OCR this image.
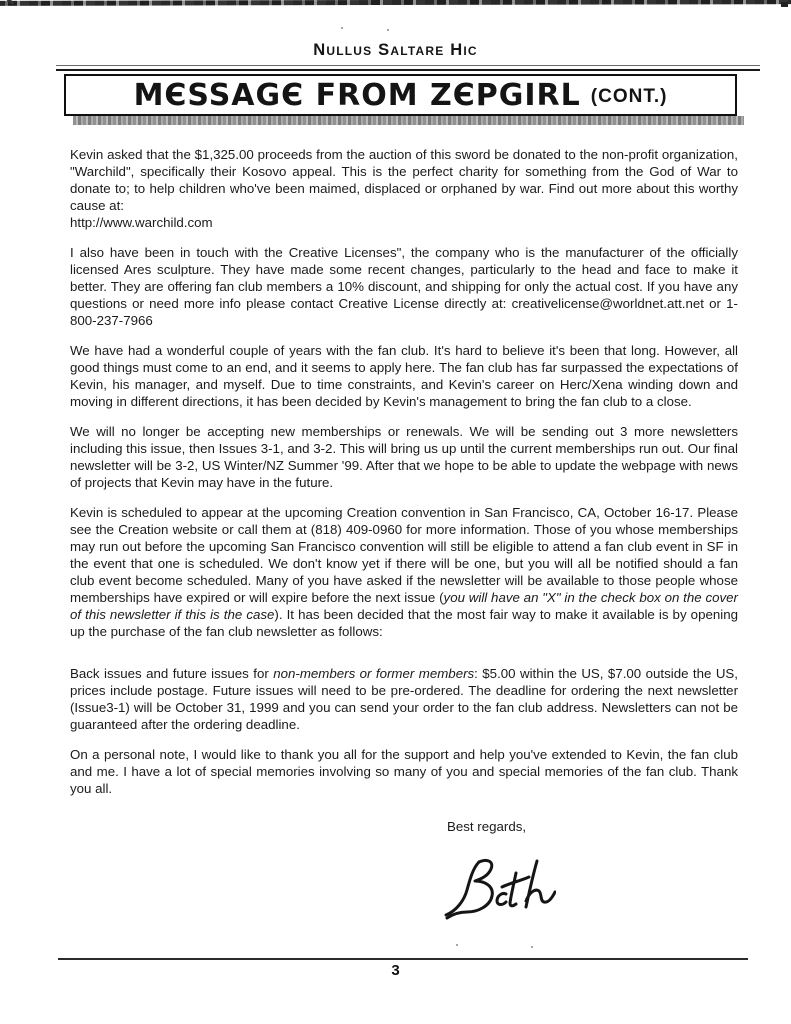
Nullus Saltare Hic
MЄSSAGЄ FROM ZЄPGIRL (CONT.)

Kevin asked that the $1,325.00 proceeds from the auction of this sword be donated to the non-profit organization, "Warchild", specifically their Kosovo appeal. This is the perfect charity for something from the God of War to donate to; to help children who've been maimed, displaced or orphaned by war. Find out more about this worthy cause at:
http://www.warchild.com

I also have been in touch with the Creative Licenses", the company who is the manufacturer of the officially licensed Ares sculpture. They have made some recent changes, particularly to the head and face to make it better. They are offering fan club members a 10% discount, and shipping for only the actual cost. If you have any questions or need more info please contact Creative License directly at: creativelicense@worldnet.att.net or 1-800-237-7966

We have had a wonderful couple of years with the fan club. It's hard to believe it's been that long. However, all good things must come to an end, and it seems to apply here. The fan club has far surpassed the expectations of Kevin, his manager, and myself. Due to time constraints, and Kevin's career on Herc/Xena winding down and moving in different directions, it has been decided by Kevin's management to bring the fan club to a close.

We will no longer be accepting new memberships or renewals. We will be sending out 3 more newsletters including this issue, then Issues 3-1, and 3-2. This will bring us up until the current memberships run out. Our final newsletter will be 3-2, US Winter/NZ Summer '99. After that we hope to be able to update the webpage with news of projects that Kevin may have in the future.

Kevin is scheduled to appear at the upcoming Creation convention in San Francisco, CA, October 16-17. Please see the Creation website or call them at (818) 409-0960 for more information. Those of you whose memberships may run out before the upcoming San Francisco convention will still be eligible to attend a fan club event in SF in the event that one is scheduled. We don't know yet if there will be one, but you will all be notified should a fan club event become scheduled. Many of you have asked if the newsletter will be available to those people whose memberships have expired or will expire before the next issue (you will have an "X" in the check box on the cover of this newsletter if this is the case). It has been decided that the most fair way to make it available is by opening up the purchase of the fan club newsletter as follows:

Back issues and future issues for non-members or former members: $5.00 within the US, $7.00 outside the US, prices include postage. Future issues will need to be pre-ordered. The deadline for ordering the next newsletter (Issue3-1) will be October 31, 1999 and you can send your order to the fan club address. Newsletters can not be guaranteed after the ordering deadline.

On a personal note, I would like to thank you all for the support and help you've extended to Kevin, the fan club and me. I have a lot of special memories involving so many of you and special memories of the fan club. Thank you all.

Best regards,
3
